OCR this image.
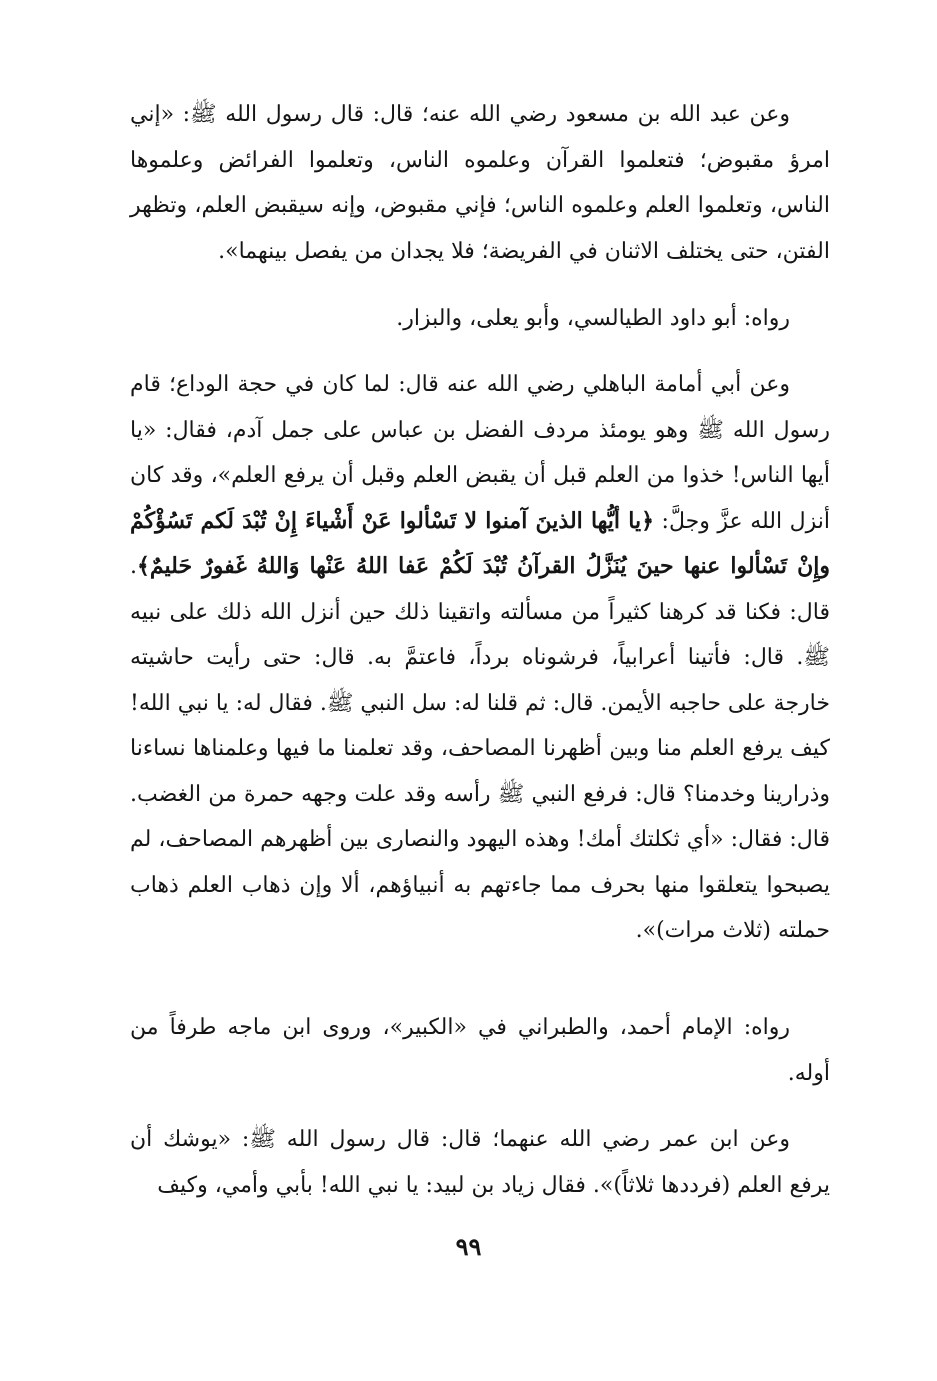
وعن عبد الله بن مسعود رضي الله عنه؛ قال: قال رسول الله ﷺ: «إني امرؤ مقبوض؛ فتعلموا القرآن وعلموه الناس، وتعلموا الفرائض وعلموها الناس، وتعلموا العلم وعلموه الناس؛ فإني مقبوض، وإنه سيقبض العلم، وتظهر الفتن، حتى يختلف الاثنان في الفريضة؛ فلا يجدان من يفصل بينهما».
رواه: أبو داود الطيالسي، وأبو يعلى، والبزار.
وعن أبي أمامة الباهلي رضي الله عنه قال: لما كان في حجة الوداع؛ قام رسول الله ﷺ وهو يومئذ مردف الفضل بن عباس على جمل آدم، فقال: «يا أيها الناس! خذوا من العلم قبل أن يقبض العلم وقبل أن يرفع العلم»، وقد كان أنزل الله عزَّ وجلَّ: ﴿يا أيُّها الذينَ آمنوا لا تَسْألوا عَنْ أَشْياءَ إِنْ تُبْدَ لَكم تَسُؤْكُمْ وإِنْ تَسْألوا عنها حينَ يُنَزَّلُ القرآنُ تُبْدَ لَكُمْ عَفا اللهُ عَنْها وَاللهُ غَفورٌ حَليمٌ﴾. قال: فكنا قد كرهنا كثيراً من مسألته واتقينا ذلك حين أنزل الله ذلك على نبيه ﷺ. قال: فأتينا أعرابياً، فرشوناه برداً، فاعتمَّ به. قال: حتى رأيت حاشيته خارجة على حاجبه الأيمن. قال: ثم قلنا له: سل النبي ﷺ. فقال له: يا نبي الله! كيف يرفع العلم منا وبين أظهرنا المصاحف، وقد تعلمنا ما فيها وعلمناها نساءنا وذرارينا وخدمنا؟ قال: فرفع النبي ﷺ رأسه وقد علت وجهه حمرة من الغضب. قال: فقال: «أي ثكلتك أمك! وهذه اليهود والنصارى بين أظهرهم المصاحف، لم يصبحوا يتعلقوا منها بحرف مما جاءتهم به أنبياؤهم، ألا وإن ذهاب العلم ذهاب حملته (ثلاث مرات)».
رواه: الإمام أحمد، والطبراني في «الكبير»، وروى ابن ماجه طرفاً من أوله.
وعن ابن عمر رضي الله عنهما؛ قال: قال رسول الله ﷺ: «يوشك أن يرفع العلم (فرددها ثلاثاً)». فقال زياد بن لبيد: يا نبي الله! بأبي وأمي، وكيف
٩٩
